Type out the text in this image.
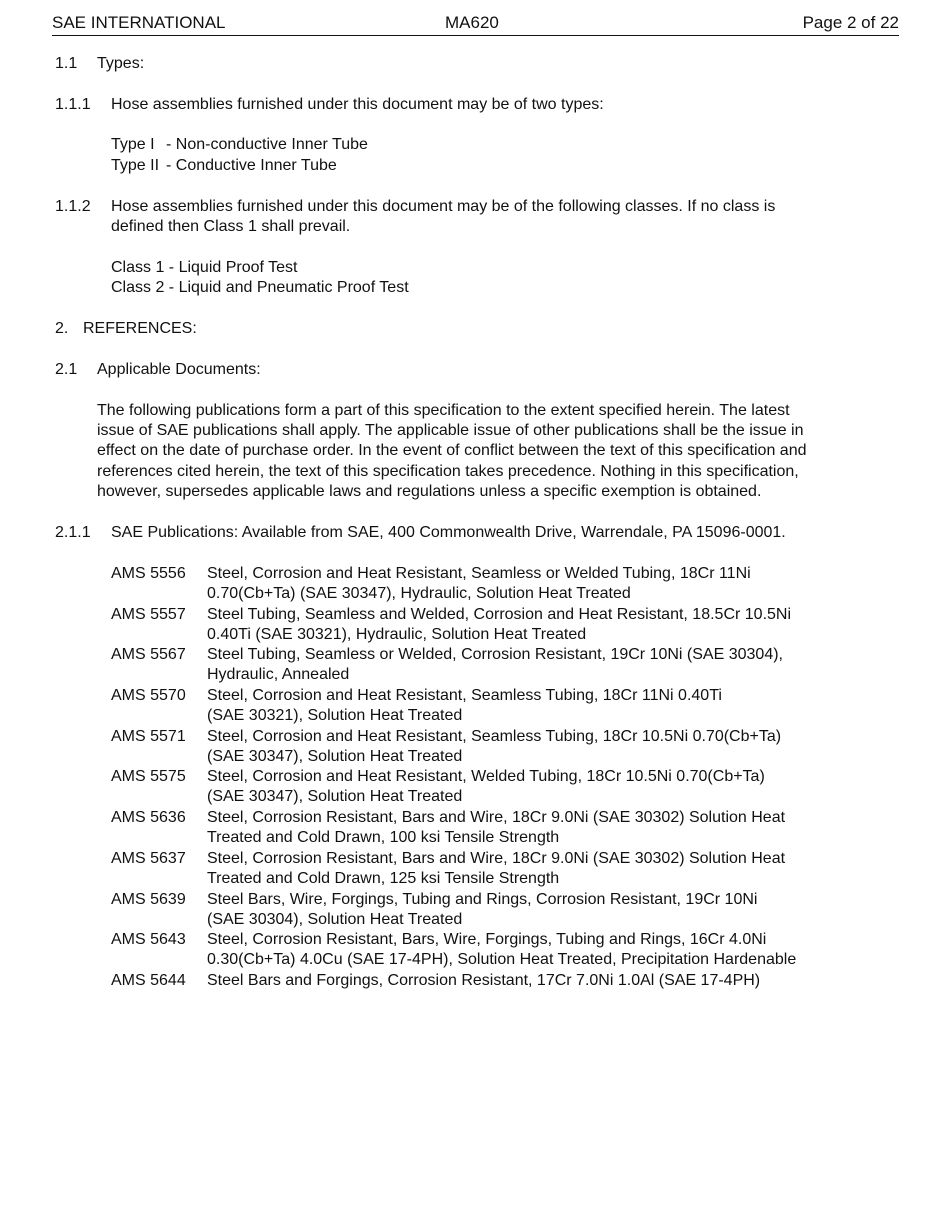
SAE INTERNATIONAL	MA620	Page 2 of 22
1.1 Types:
1.1.1 Hose assemblies furnished under this document may be of two types:
Type I - Non-conductive Inner Tube
Type II - Conductive Inner Tube
1.1.2 Hose assemblies furnished under this document may be of the following classes. If no class is
defined then Class 1 shall prevail.
Class 1 - Liquid Proof Test
Class 2 - Liquid and Pneumatic Proof Test
2. REFERENCES:
2.1 Applicable Documents:
The following publications form a part of this specification to the extent specified herein. The latest
issue of SAE publications shall apply. The applicable issue of other publications shall be the issue in
effect on the date of purchase order. In the event of conflict between the text of this specification and
references cited herein, the text of this specification takes precedence. Nothing in this specification,
however, supersedes applicable laws and regulations unless a specific exemption is obtained.
2.1.1 SAE Publications: Available from SAE, 400 Commonwealth Drive, Warrendale, PA 15096-0001.
AMS 5556	Steel, Corrosion and Heat Resistant, Seamless or Welded Tubing, 18Cr 11Ni
0.70(Cb+Ta) (SAE 30347), Hydraulic, Solution Heat Treated
AMS 5557	Steel Tubing, Seamless and Welded, Corrosion and Heat Resistant, 18.5Cr 10.5Ni
0.40Ti (SAE 30321), Hydraulic, Solution Heat Treated
AMS 5567	Steel Tubing, Seamless or Welded, Corrosion Resistant, 19Cr 10Ni (SAE 30304),
Hydraulic, Annealed
AMS 5570	Steel, Corrosion and Heat Resistant, Seamless Tubing, 18Cr 11Ni 0.40Ti
(SAE 30321), Solution Heat Treated
AMS 5571	Steel, Corrosion and Heat Resistant, Seamless Tubing, 18Cr 10.5Ni 0.70(Cb+Ta)
(SAE 30347), Solution Heat Treated
AMS 5575	Steel, Corrosion and Heat Resistant, Welded Tubing, 18Cr 10.5Ni 0.70(Cb+Ta)
(SAE 30347), Solution Heat Treated
AMS 5636	Steel, Corrosion Resistant, Bars and Wire, 18Cr 9.0Ni (SAE 30302) Solution Heat
Treated and Cold Drawn, 100 ksi Tensile Strength
AMS 5637	Steel, Corrosion Resistant, Bars and Wire, 18Cr 9.0Ni (SAE 30302) Solution Heat
Treated and Cold Drawn, 125 ksi Tensile Strength
AMS 5639	Steel Bars, Wire, Forgings, Tubing and Rings, Corrosion Resistant, 19Cr 10Ni
(SAE 30304), Solution Heat Treated
AMS 5643	Steel, Corrosion Resistant, Bars, Wire, Forgings, Tubing and Rings, 16Cr 4.0Ni
0.30(Cb+Ta) 4.0Cu (SAE 17-4PH), Solution Heat Treated, Precipitation Hardenable
AMS 5644	Steel Bars and Forgings, Corrosion Resistant, 17Cr 7.0Ni 1.0Al (SAE 17-4PH)
